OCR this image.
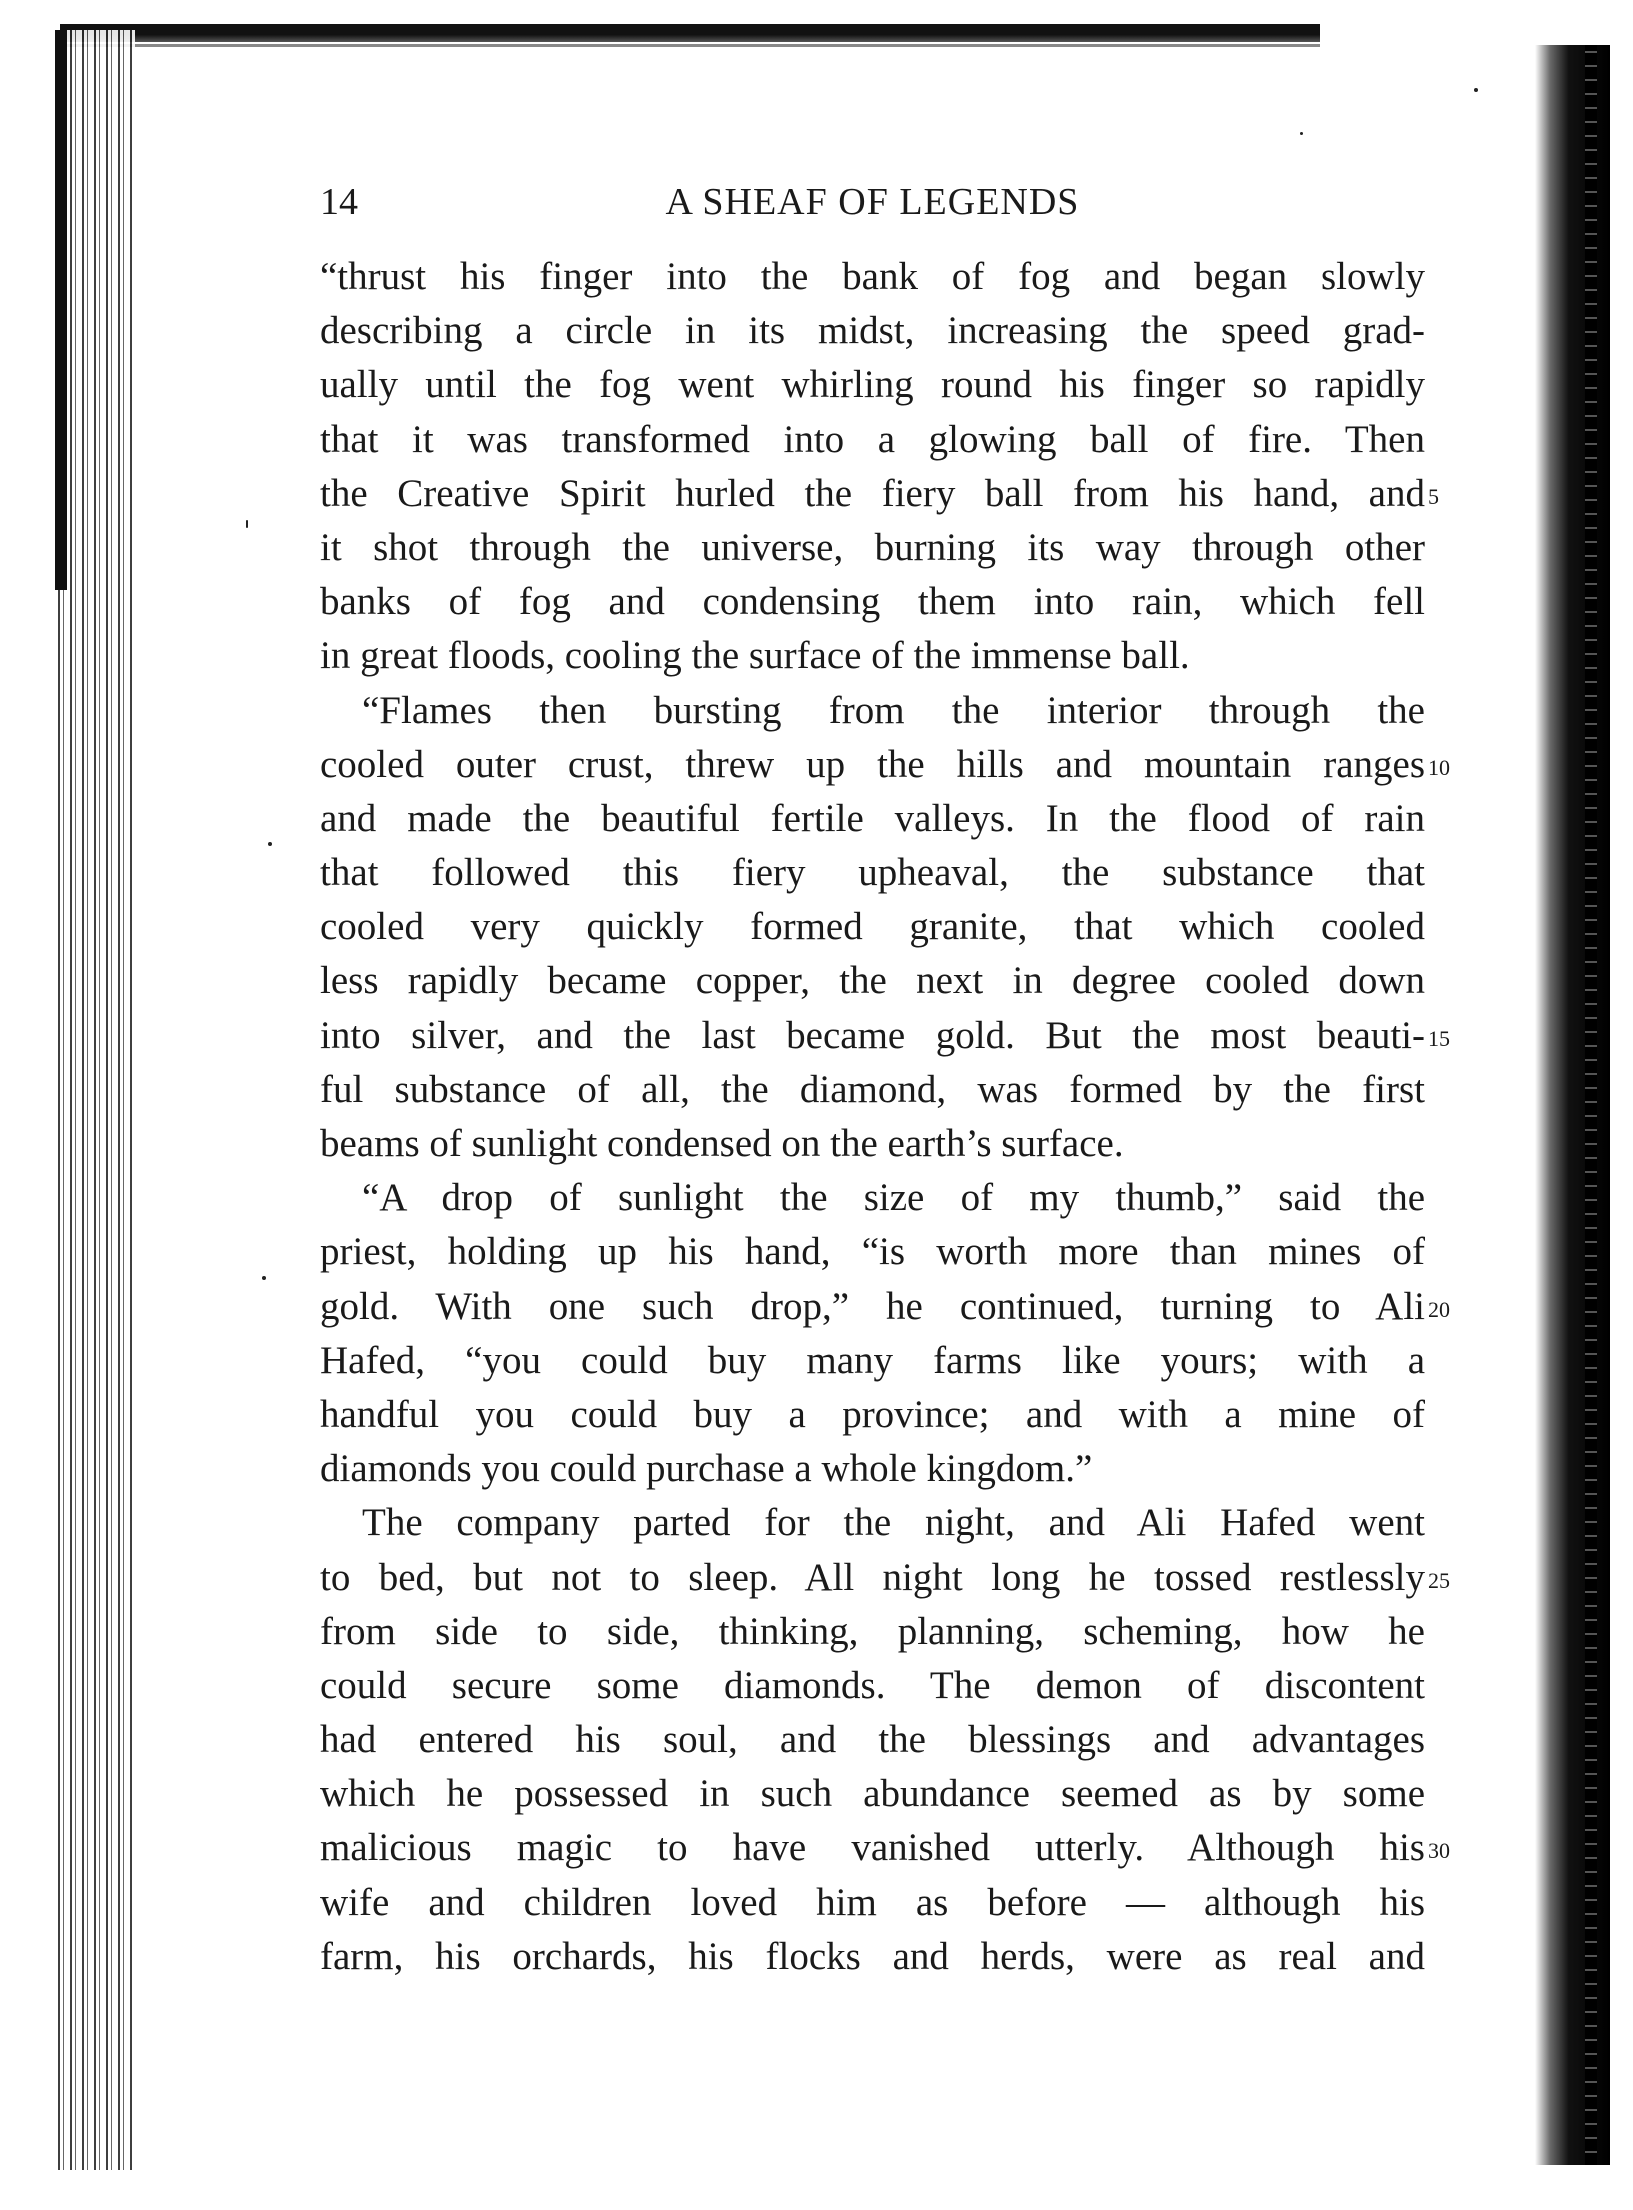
14	A SHEAF OF LEGENDS
“thrust his finger into the bank of fog and began slowly
describing a circle in its midst, increasing the speed grad-
ually until the fog went whirling round his finger so rapidly
that it was transformed into a glowing ball of fire. Then
the Creative Spirit hurled the fiery ball from his hand, and
it shot through the universe, burning its way through other
banks of fog and condensing them into rain, which fell
in great floods, cooling the surface of the immense ball.
“Flames then bursting from the interior through the
cooled outer crust, threw up the hills and mountain ranges
and made the beautiful fertile valleys. In the flood of rain
that followed this fiery upheaval, the substance that
cooled very quickly formed granite, that which cooled
less rapidly became copper, the next in degree cooled down
into silver, and the last became gold. But the most beauti-
ful substance of all, the diamond, was formed by the first
beams of sunlight condensed on the earth’s surface.
“A drop of sunlight the size of my thumb,” said the
priest, holding up his hand, “is worth more than mines of
gold. With one such drop,” he continued, turning to Ali
Hafed, “you could buy many farms like yours; with a
handful you could buy a province; and with a mine of
diamonds you could purchase a whole kingdom.”
The company parted for the night, and Ali Hafed went
to bed, but not to sleep. All night long he tossed restlessly
from side to side, thinking, planning, scheming, how he
could secure some diamonds. The demon of discontent
had entered his soul, and the blessings and advantages
which he possessed in such abundance seemed as by some
malicious magic to have vanished utterly. Although his
wife and children loved him as before — although his
farm, his orchards, his flocks and herds, were as real and
5
10
15
20
25
30
